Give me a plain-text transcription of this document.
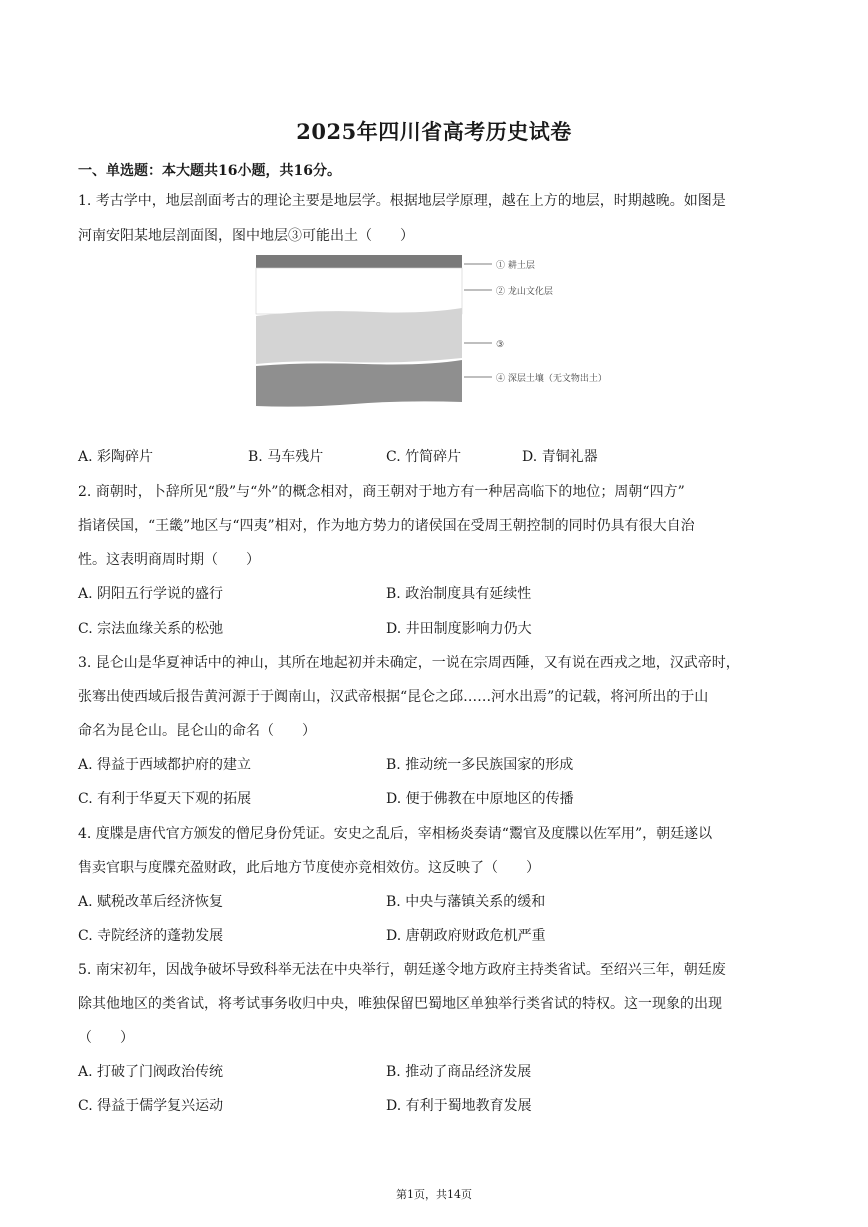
2025年四川省高考历史试卷
一、单选题：本大题共16小题，共16分。
1. 考古学中，地层剖面考古的理论主要是地层学。根据地层学原理，越在上方的地层，时期越晚。如图是
河南安阳某地层剖面图，图中地层③可能出土（　　）
① 耕土层
② 龙山文化层
③
④ 深层土壤（无文物出土）
A. 彩陶碎片	B. 马车残片	C. 竹简碎片	D. 青铜礼器
2. 商朝时，卜辞所见“殷”与“外”的概念相对，商王朝对于地方有一种居高临下的地位；周朝“四方”
指诸侯国，“王畿”地区与“四夷”相对，作为地方势力的诸侯国在受周王朝控制的同时仍具有很大自治
性。这表明商周时期（　　）
A. 阴阳五行学说的盛行	B. 政治制度具有延续性
C. 宗法血缘关系的松弛	D. 井田制度影响力仍大
3. 昆仑山是华夏神话中的神山，其所在地起初并未确定，一说在宗周西陲，又有说在西戎之地，汉武帝时，
张骞出使西域后报告黄河源于于阗南山，汉武帝根据“昆仑之邱……河水出焉”的记载，将河所出的于山
命名为昆仑山。昆仑山的命名（　　）
A. 得益于西域都护府的建立	B. 推动统一多民族国家的形成
C. 有利于华夏天下观的拓展	D. 便于佛教在中原地区的传播
4. 度牒是唐代官方颁发的僧尼身份凭证。安史之乱后，宰相杨炎奏请“鬻官及度牒以佐军用”，朝廷遂以
售卖官职与度牒充盈财政，此后地方节度使亦竞相效仿。这反映了（　　）
A. 赋税改革后经济恢复	B. 中央与藩镇关系的缓和
C. 寺院经济的蓬勃发展	D. 唐朝政府财政危机严重
5. 南宋初年，因战争破坏导致科举无法在中央举行，朝廷遂令地方政府主持类省试。至绍兴三年，朝廷废
除其他地区的类省试，将考试事务收归中央，唯独保留巴蜀地区单独举行类省试的特权。这一现象的出现
（　　）
A. 打破了门阀政治传统	B. 推动了商品经济发展
C. 得益于儒学复兴运动	D. 有利于蜀地教育发展
第1页，共14页
